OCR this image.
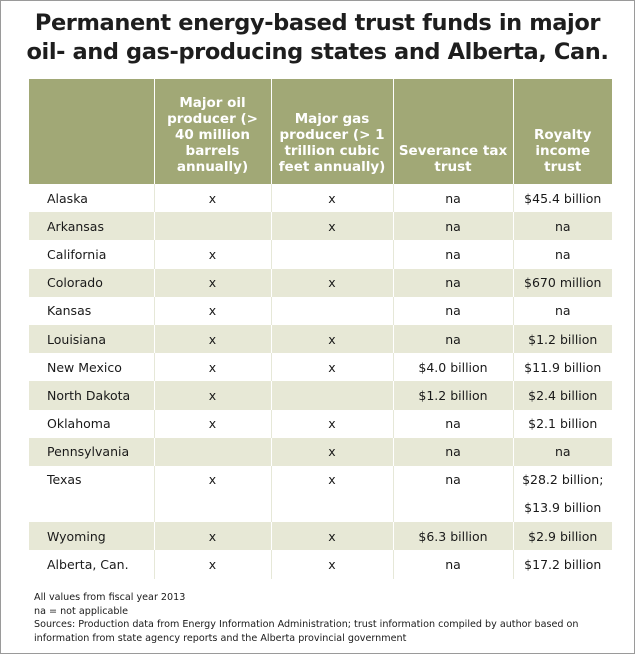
Permanent energy-based trust funds in major
oil- and gas-producing states and Alberta, Can.
	Major oil producer (> 40 million barrels annually)	Major gas producer (> 1 trillion cubic feet annually)	Severance tax trust	Royalty income trust
Alaska	x	x	na	$45.4 billion
Arkansas		x	na	na
California	x		na	na
Colorado	x	x	na	$670 million
Kansas	x		na	na
Louisiana	x	x	na	$1.2 billion
New Mexico	x	x	$4.0 billion	$11.9 billion
North Dakota	x		$1.2 billion	$2.4 billion
Oklahoma	x	x	na	$2.1 billion
Pennsylvania		x	na	na
Texas	x	x	na	$28.2 billion;
$13.9 billion

Wyoming	x	x	$6.3 billion	$2.9 billion
Alberta, Can.	x	x	na	$17.2 billion
All values from fiscal year 2013
na = not applicable
Sources: Production data from Energy Information Administration; trust information compiled by author based on
information from state agency reports and the Alberta provincial government
